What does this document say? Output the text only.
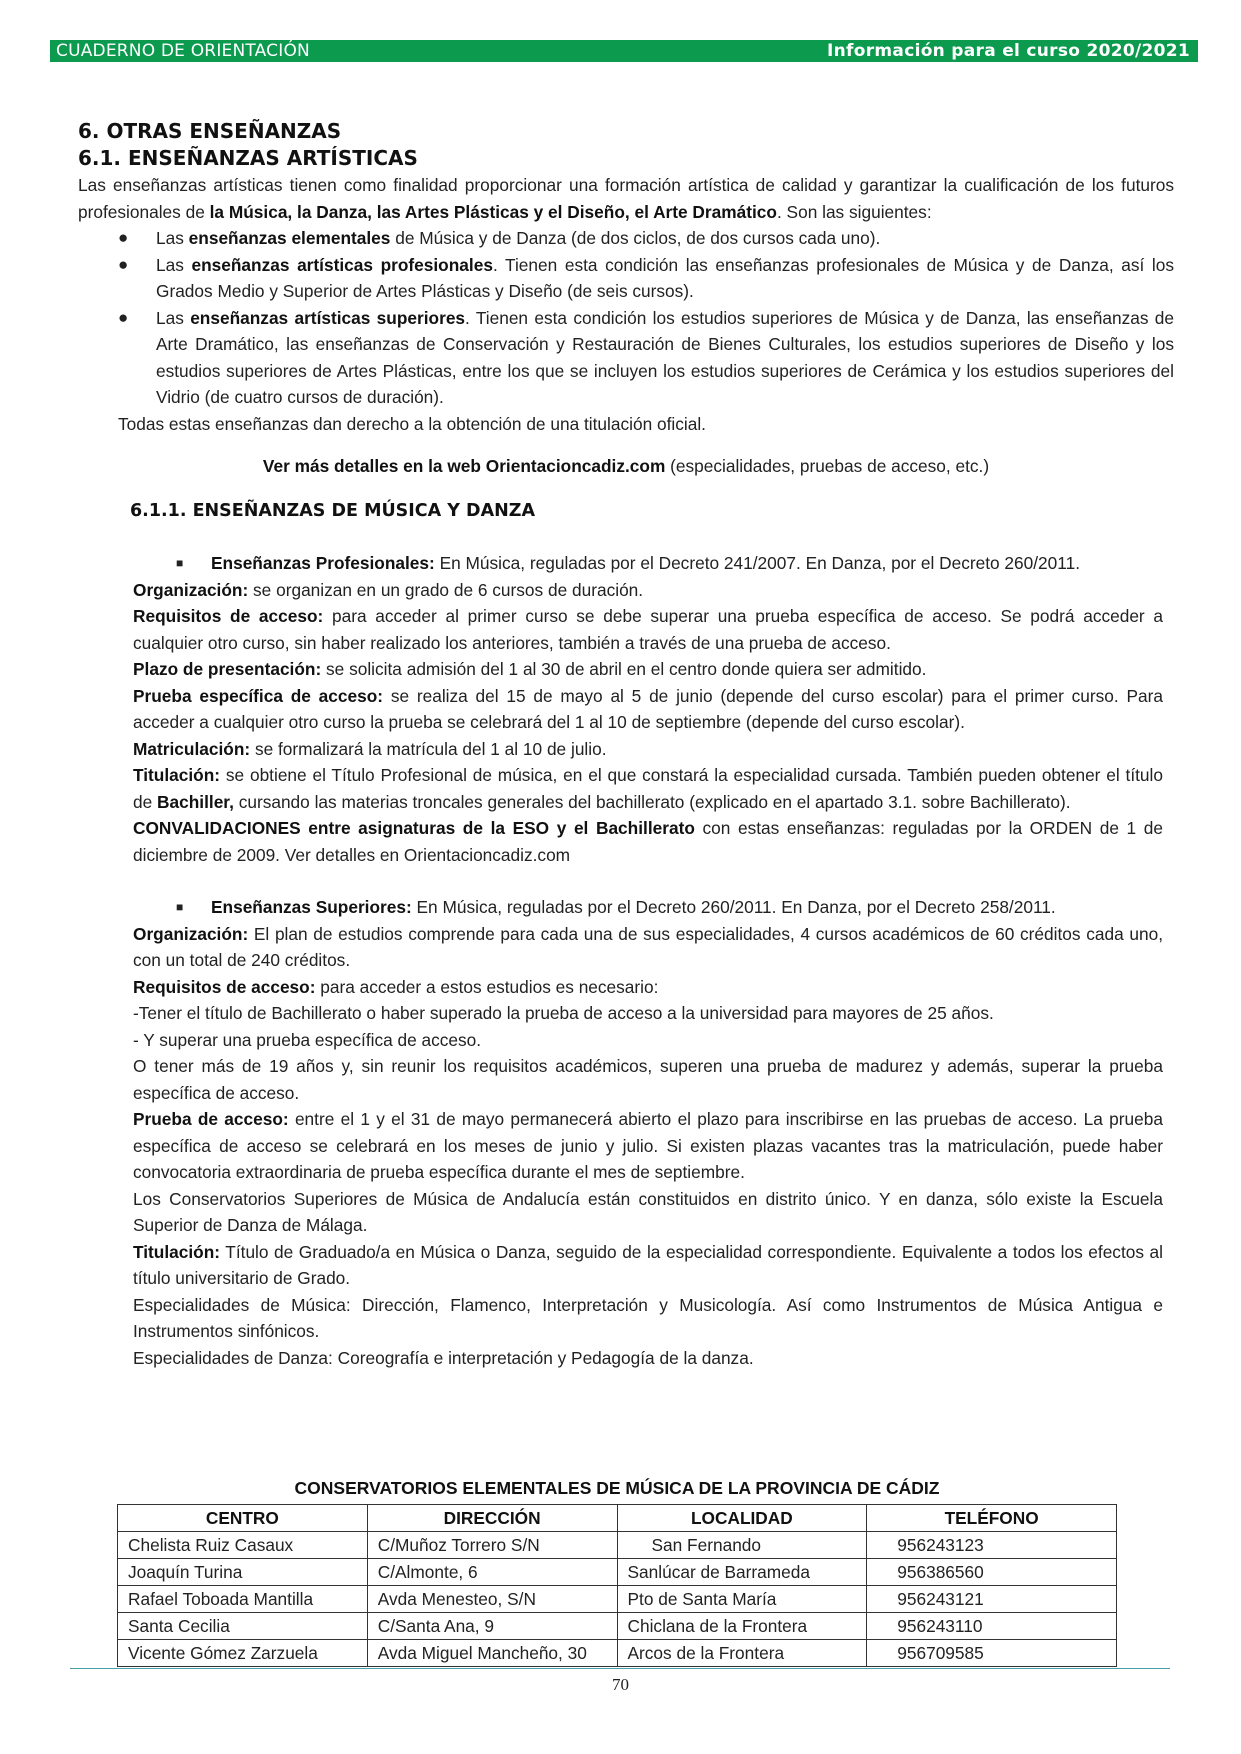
CUADERNO DE ORIENTACIÓN	Información para el curso 2020/2021
6. OTRAS ENSEÑANZAS
6.1. ENSEÑANZAS ARTÍSTICAS

Las enseñanzas artísticas tienen como finalidad proporcionar una formación artística de calidad y garantizar la cualificación de los futuros profesionales de la Música, la Danza, las Artes Plásticas y el Diseño, el Arte Dramático. Son las siguientes:

● Las enseñanzas elementales de Música y de Danza (de dos ciclos, de dos cursos cada uno).
● Las enseñanzas artísticas profesionales. Tienen esta condición las enseñanzas profesionales de Música y de Danza, así los Grados Medio y Superior de Artes Plásticas y Diseño (de seis cursos).
● Las enseñanzas artísticas superiores. Tienen esta condición los estudios superiores de Música y de Danza, las enseñanzas de Arte Dramático, las enseñanzas de Conservación y Restauración de Bienes Culturales, los estudios superiores de Diseño y los estudios superiores de Artes Plásticas, entre los que se incluyen los estudios superiores de Cerámica y los estudios superiores del Vidrio (de cuatro cursos de duración).

Todas estas enseñanzas dan derecho a la obtención de una titulación oficial.

Ver más detalles en la web Orientacioncadiz.com (especialidades, pruebas de acceso, etc.)

6.1.1. ENSEÑANZAS DE MÚSICA Y DANZA

■ Enseñanzas Profesionales: En Música, reguladas por el Decreto 241/2007. En Danza, por el Decreto 260/2011.

Organización: se organizan en un grado de 6 cursos de duración.

Requisitos de acceso: para acceder al primer curso se debe superar una prueba específica de acceso. Se podrá acceder a cualquier otro curso, sin haber realizado los anteriores, también a través de una prueba de acceso.

Plazo de presentación: se solicita admisión del 1 al 30 de abril en el centro donde quiera ser admitido.

Prueba específica de acceso: se realiza del 15 de mayo al 5 de junio (depende del curso escolar) para el primer curso. Para acceder a cualquier otro curso la prueba se celebrará del 1 al 10 de septiembre (depende del curso escolar).

Matriculación: se formalizará la matrícula del 1 al 10 de julio.

Titulación: se obtiene el Título Profesional de música, en el que constará la especialidad cursada. También pueden obtener el título de Bachiller, cursando las materias troncales generales del bachillerato (explicado en el apartado 3.1. sobre Bachillerato).

CONVALIDACIONES entre asignaturas de la ESO y el Bachillerato con estas enseñanzas: reguladas por la ORDEN de 1 de diciembre de 2009. Ver detalles en Orientacioncadiz.com

■ Enseñanzas Superiores: En Música, reguladas por el Decreto 260/2011. En Danza, por el Decreto 258/2011.

Organización: El plan de estudios comprende para cada una de sus especialidades, 4 cursos académicos de 60 créditos cada uno, con un total de 240 créditos.

Requisitos de acceso: para acceder a estos estudios es necesario:

-Tener el título de Bachillerato o haber superado la prueba de acceso a la universidad para mayores de 25 años.

- Y superar una prueba específica de acceso.

O tener más de 19 años y, sin reunir los requisitos académicos, superen una prueba de madurez y además, superar la prueba específica de acceso.

Prueba de acceso: entre el 1 y el 31 de mayo permanecerá abierto el plazo para inscribirse en las pruebas de acceso. La prueba específica de acceso se celebrará en los meses de junio y julio. Si existen plazas vacantes tras la matriculación, puede haber convocatoria extraordinaria de prueba específica durante el mes de septiembre.

Los Conservatorios Superiores de Música de Andalucía están constituidos en distrito único. Y en danza, sólo existe la Escuela Superior de Danza de Málaga.

Titulación: Título de Graduado/a en Música o Danza, seguido de la especialidad correspondiente. Equivalente a todos los efectos al título universitario de Grado.

Especialidades de Música: Dirección, Flamenco, Interpretación y Musicología. Así como Instrumentos de Música Antigua e Instrumentos sinfónicos.

Especialidades de Danza: Coreografía e interpretación y Pedagogía de la danza.

CONSERVATORIOS ELEMENTALES DE MÚSICA DE LA PROVINCIA DE CÁDIZ
CENTRO	DIRECCIÓN	LOCALIDAD	TELÉFONO
Chelista Ruiz Casaux	C/Muñoz Torrero S/N	San Fernando	956243123
Joaquín Turina	C/Almonte, 6	Sanlúcar de Barrameda	956386560
Rafael Toboada Mantilla	Avda Menesteo, S/N	Pto de Santa María	956243121
Santa Cecilia	C/Santa Ana, 9	Chiclana de la Frontera	956243110
Vicente Gómez Zarzuela	Avda Miguel Mancheño, 30	Arcos de la Frontera	956709585
70
